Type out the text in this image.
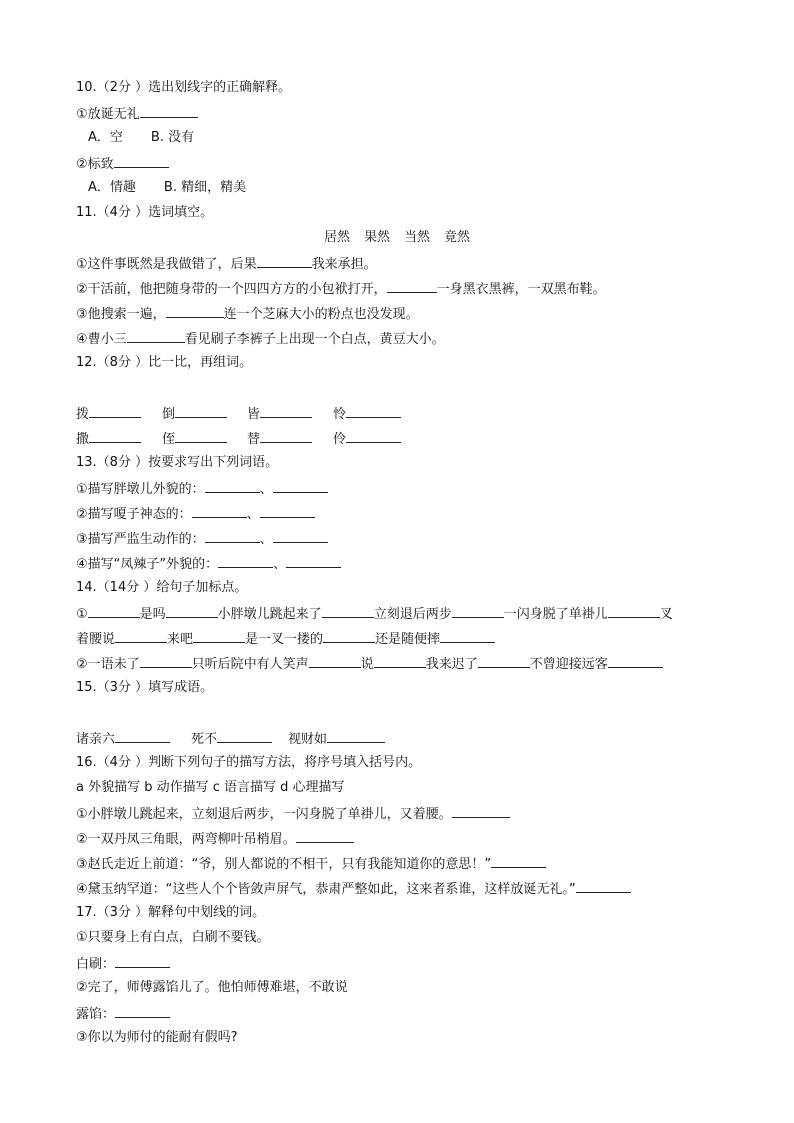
10.（2分 ）选出划线字的正确解释。
①放诞无礼
A．空 B. 没有
②标致
A．情趣 B. 精细，精美
11.（4分 ）选词填空。
居然 果然 当然 竟然
①这件事既然是我做错了，后果	我来承担。
②干活前，他把随身带的一个四四方方的小包袱打开，	一身黑衣黑裤，一双黑布鞋。
③他搜索一遍，	连一个芝麻大小的粉点也没发现。
④曹小三	看见刷子李裤子上出现一个白点，黄豆大小。
12.（8分 ）比一比，再组词。
拨	倒	皆	怜
撒	侄	替	伶
13.（8分 ）按要求写出下列词语。
①描写胖墩儿外貌的：	、
②描写嗄子神态的：	、
③描写严监生动作的：	、
④描写“凤辣子”外貌的：	、
14.（14分 ）给句子加标点。
①	是吗	小胖墩儿跳起来了	立刻退后两步	一闪身脱了单褂儿	叉
着腰说	来吧	是一叉一搂的	还是随便摔
②一语未了	只听后院中有人笑声	说	我来迟了	不曾迎接远客
15.（3分 ）填写成语。
诸亲六	死不	视财如
16.（4分 ）判断下列句子的描写方法，将序号填入括号内。
a 外貌描写 b 动作描写 c 语言描写 d 心理描写
①小胖墩儿跳起来，立刻退后两步，一闪身脱了单褂儿，又着腰。
②一双丹凤三角眼，两弯柳叶吊梢眉。
③赵氏走近上前道：“爷，别人都说的不相干，只有我能知道你的意思！”
④黛玉纳罕道：“这些人个个皆敛声屏气，恭肃严整如此，这来者系谁，这样放诞无礼。”
17.（3分 ）解释句中划线的词。
①只要身上有白点，白刷不要钱。
白刷：
②完了，师傅露馅儿了。他怕师傅难堪，不敢说
露馅：
③你以为师付的能耐有假吗?
